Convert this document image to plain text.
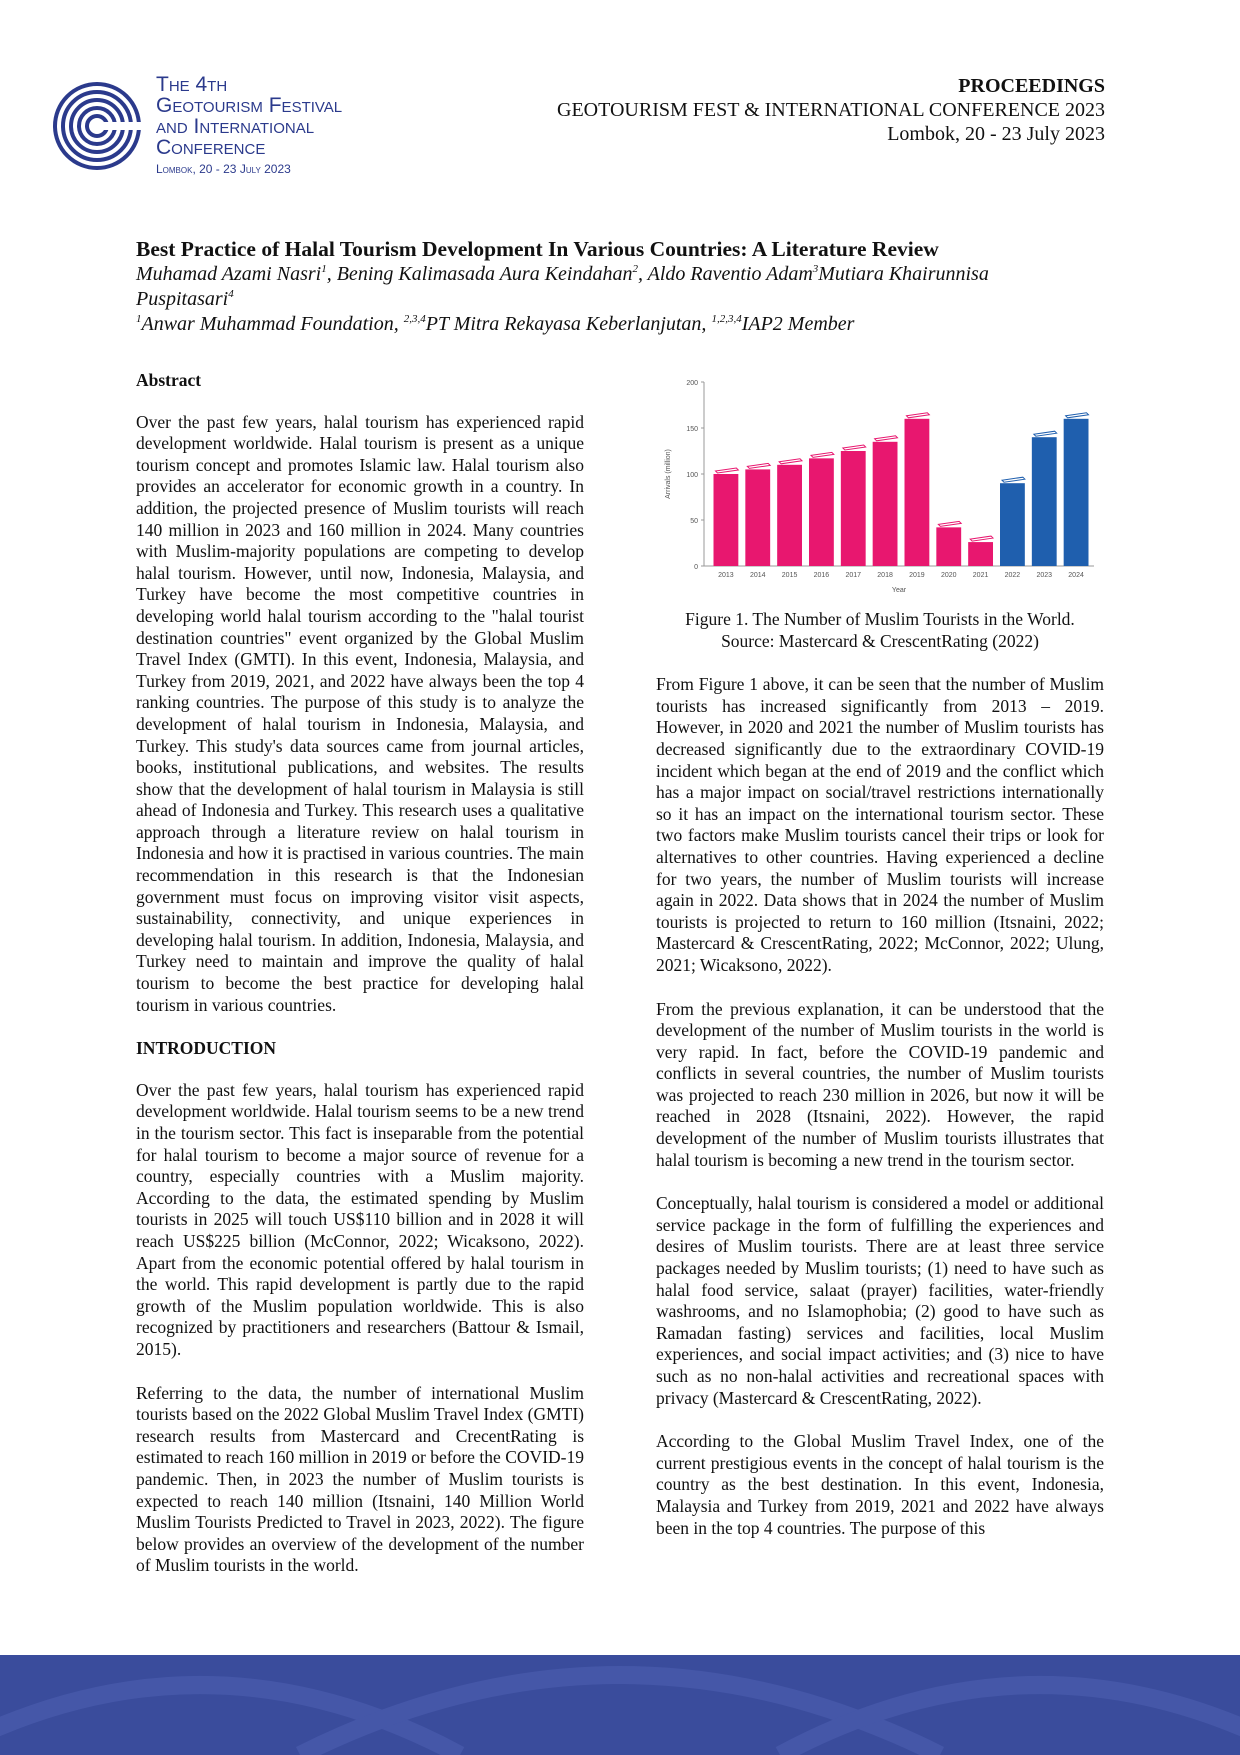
The 4th
Geotourism Festival
and International
Conference
Lombok, 20 - 23 July 2023
PROCEEDINGS
GEOTOURISM FEST & INTERNATIONAL CONFERENCE 2023
Lombok, 20 - 23 July 2023
Best Practice of Halal Tourism Development In Various Countries: A Literature Review
Muhamad Azami Nasri$^1$, Bening Kalimasada Aura Keindahan$^2$, Aldo Raventio Adam$^3$Mutiara Khairunnisa Puspitasari$^4$
$^1$Anwar Muhammad Foundation, $^{2,3,4}$PT Mitra Rekayasa Keberlanjutan, $^{1,2,3,4}$IAP2 Member
Abstract
Over the past few years, halal tourism has experienced rapid development worldwide. Halal tourism is present as a unique tourism concept and promotes Islamic law. Halal tourism also provides an accelerator for economic growth in a country. In addition, the projected presence of Muslim tourists will reach 140 million in 2023 and 160 million in 2024. Many countries with Muslim-majority populations are competing to develop halal tourism. However, until now, Indonesia, Malaysia, and Turkey have become the most competitive countries in developing world halal tourism according to the "halal tourist destination countries" event organized by the Global Muslim Travel Index (GMTI). In this event, Indonesia, Malaysia, and Turkey from 2019, 2021, and 2022 have always been the top 4 ranking countries. The purpose of this study is to analyze the development of halal tourism in Indonesia, Malaysia, and Turkey. This study's data sources came from journal articles, books, institutional publications, and websites. The results show that the development of halal tourism in Malaysia is still ahead of Indonesia and Turkey. This research uses a qualitative approach through a literature review on halal tourism in Indonesia and how it is practised in various countries. The main recommendation in this research is that the Indonesian government must focus on improving visitor visit aspects, sustainability, connectivity, and unique experiences in developing halal tourism. In addition, Indonesia, Malaysia, and Turkey need to maintain and improve the quality of halal tourism to become the best practice for developing halal tourism in various countries.
INTRODUCTION
Over the past few years, halal tourism has experienced rapid development worldwide. Halal tourism seems to be a new trend in the tourism sector. This fact is inseparable from the potential for halal tourism to become a major source of revenue for a country, especially countries with a Muslim majority. According to the data, the estimated spending by Muslim tourists in 2025 will touch US$110 billion and in 2028 it will reach US$225 billion (McConnor, 2022; Wicaksono, 2022). Apart from the economic potential offered by halal tourism in the world. This rapid development is partly due to the rapid growth of the Muslim population worldwide. This is also recognized by practitioners and researchers (Battour & Ismail, 2015).
Referring to the data, the number of international Muslim tourists based on the 2022 Global Muslim Travel Index (GMTI) research results from Mastercard and CrecentRating is estimated to reach 160 million in 2019 or before the COVID-19 pandemic. Then, in 2023 the number of Muslim tourists is expected to reach 140 million (Itsnaini, 140 Million World Muslim Tourists Predicted to Travel in 2023, 2022). The figure below provides an overview of the development of the number of Muslim tourists in the world.
0
50
100
150
200
2013 2014 2015 2016 2017 2018 2019 2020 2021 2022 2023 2024
Year
Arrivals (million)
Figure 1. The Number of Muslim Tourists in the World.
Source: Mastercard & CrescentRating (2022)
From Figure 1 above, it can be seen that the number of Muslim tourists has increased significantly from 2013 – 2019. However, in 2020 and 2021 the number of Muslim tourists has decreased significantly due to the extraordinary COVID-19 incident which began at the end of 2019 and the conflict which has a major impact on social/travel restrictions internationally so it has an impact on the international tourism sector. These two factors make Muslim tourists cancel their trips or look for alternatives to other countries. Having experienced a decline for two years, the number of Muslim tourists will increase again in 2022. Data shows that in 2024 the number of Muslim tourists is projected to return to 160 million (Itsnaini, 2022; Mastercard & CrescentRating, 2022; McConnor, 2022; Ulung, 2021; Wicaksono, 2022).
From the previous explanation, it can be understood that the development of the number of Muslim tourists in the world is very rapid. In fact, before the COVID-19 pandemic and conflicts in several countries, the number of Muslim tourists was projected to reach 230 million in 2026, but now it will be reached in 2028 (Itsnaini, 2022). However, the rapid development of the number of Muslim tourists illustrates that halal tourism is becoming a new trend in the tourism sector.
Conceptually, halal tourism is considered a model or additional service package in the form of fulfilling the experiences and desires of Muslim tourists. There are at least three service packages needed by Muslim tourists; (1) need to have such as halal food service, salaat (prayer) facilities, water-friendly washrooms, and no Islamophobia; (2) good to have such as Ramadan fasting) services and facilities, local Muslim experiences, and social impact activities; and (3) nice to have such as no non-halal activities and recreational spaces with privacy (Mastercard & CrescentRating, 2022).
According to the Global Muslim Travel Index, one of the current prestigious events in the concept of halal tourism is the country as the best destination. In this event, Indonesia, Malaysia and Turkey from 2019, 2021 and 2022 have always been in the top 4 countries. The purpose of this
